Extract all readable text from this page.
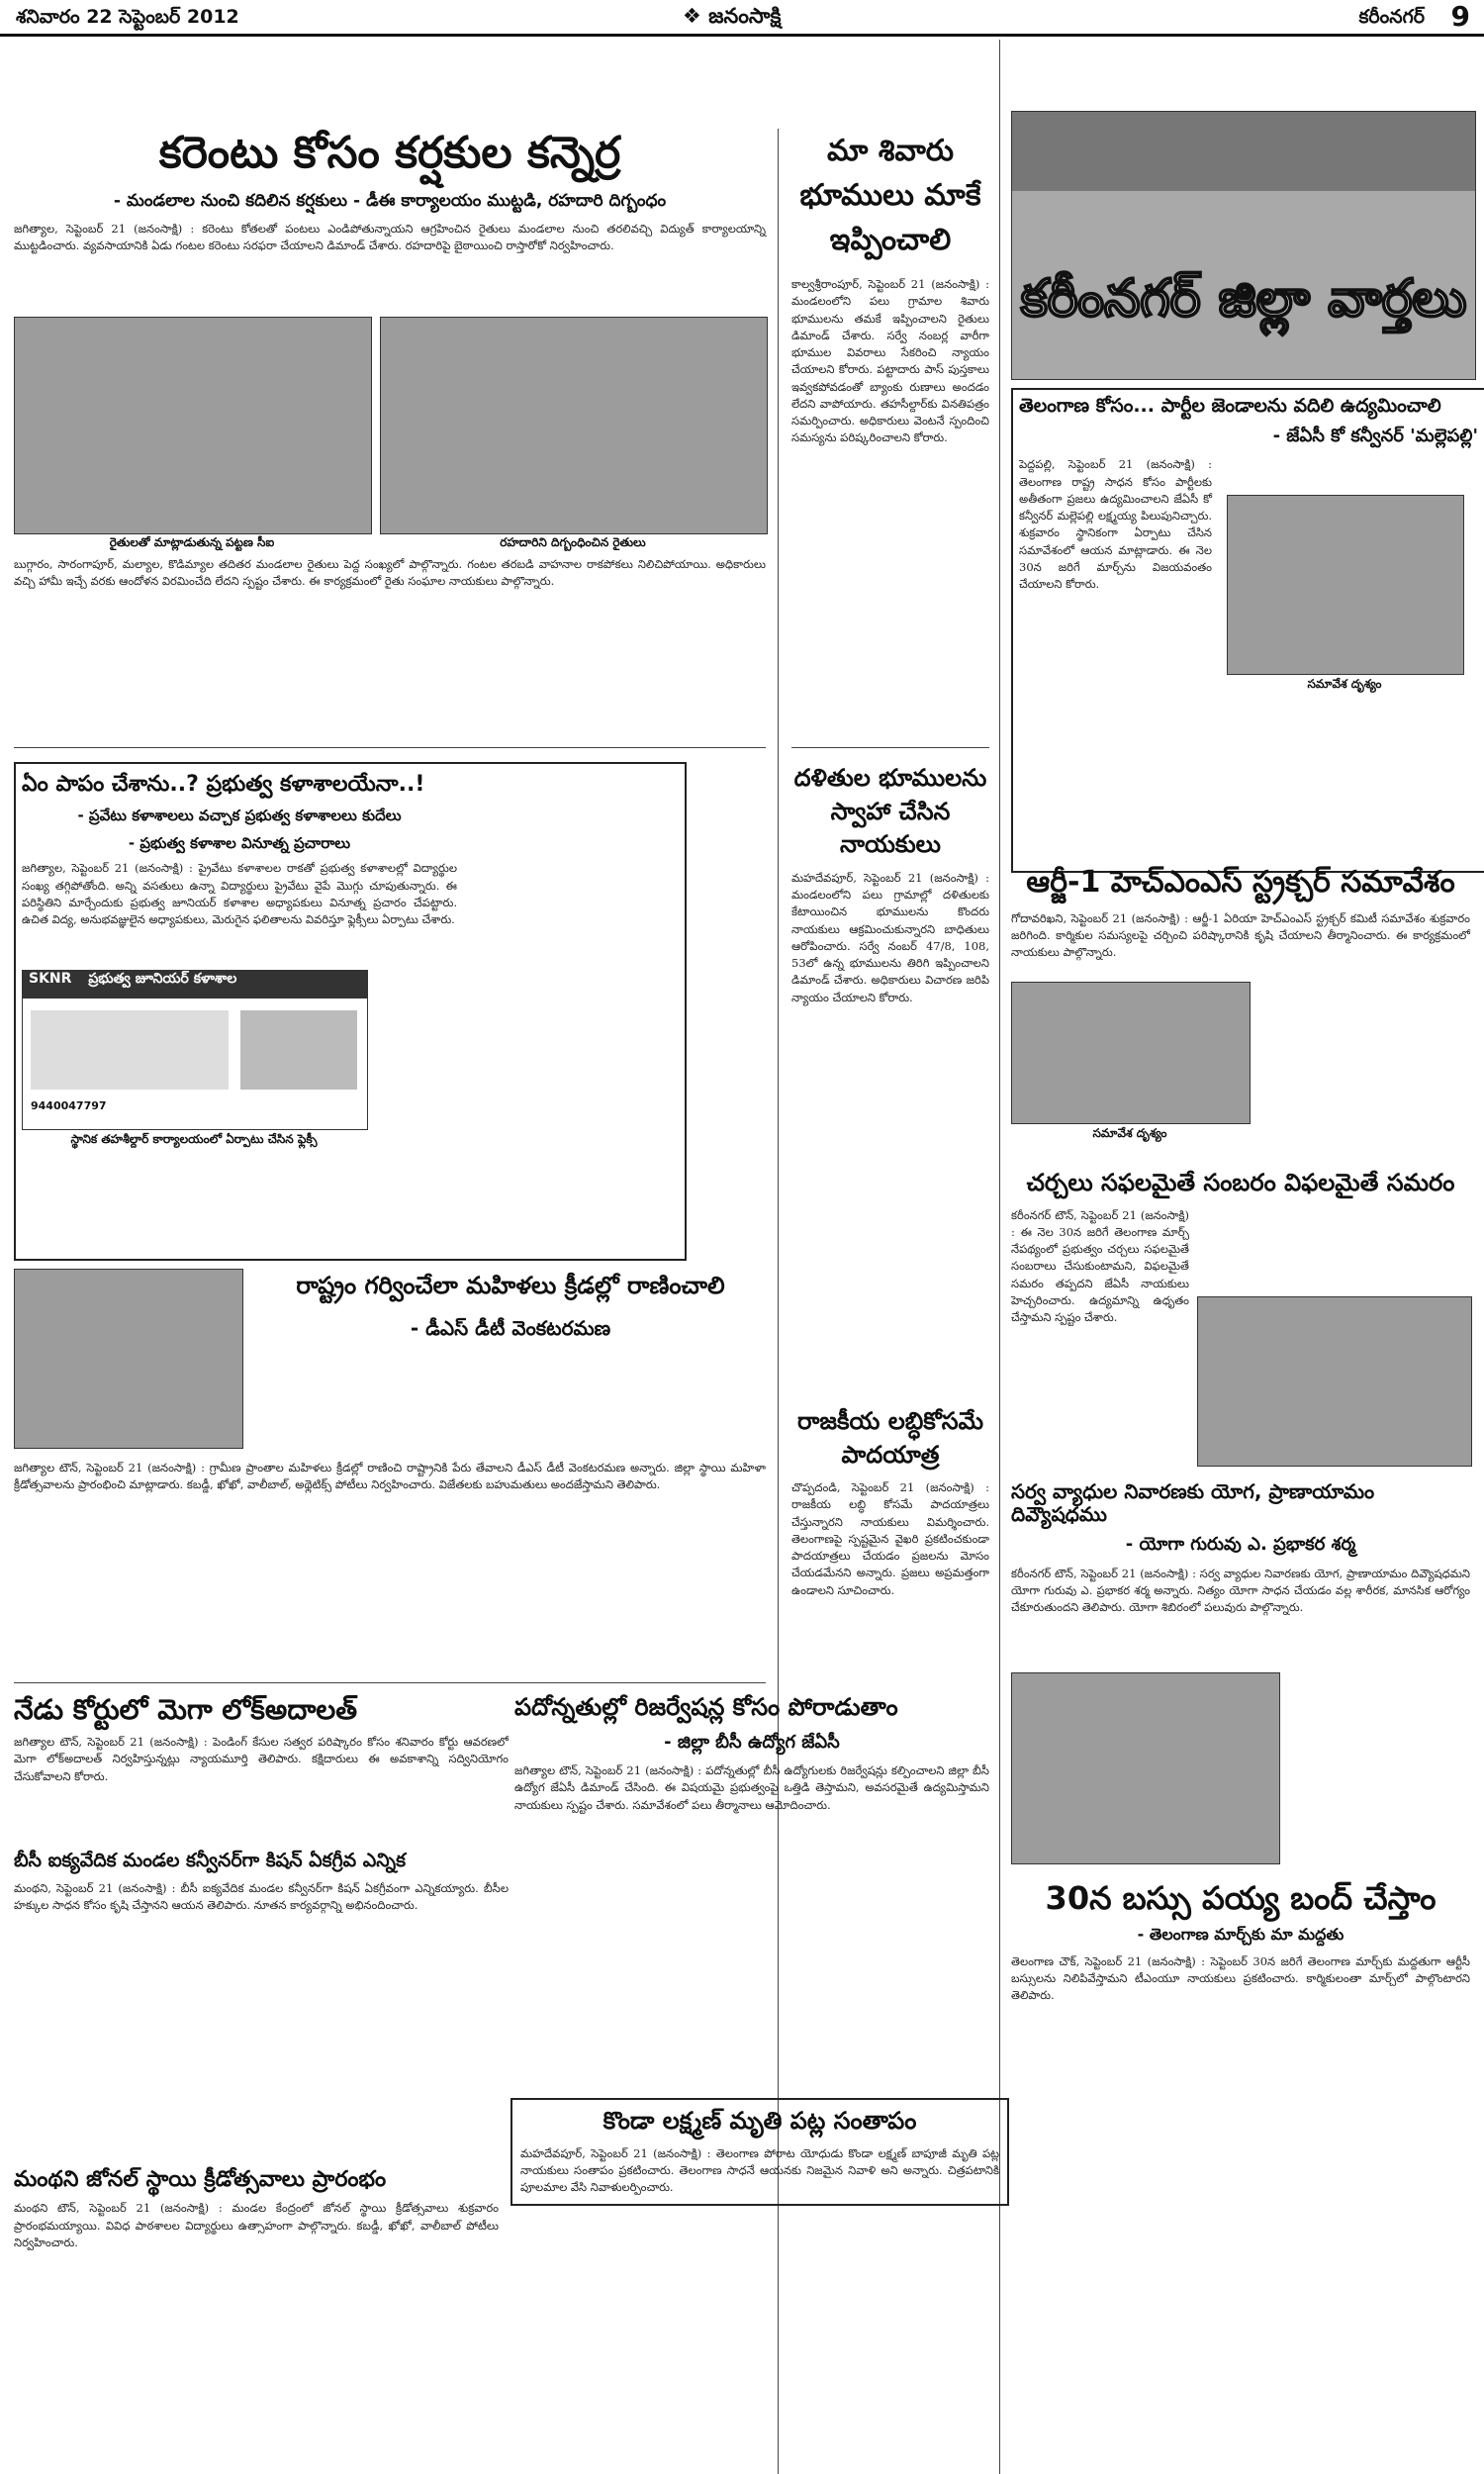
శనివారం 22 సెప్టెంబర్ 2012	❖ జనంసాక్షి	కరీంనగర్ 9
కరెంటు కోసం కర్షకుల కన్నెర్ర
- మండలాల నుంచి కదిలిన కర్షకులు - డీఈ కార్యాలయం ముట్టడి, రహదారి దిగ్బంధం
జగిత్యాల, సెప్టెంబర్ 21 (జనంసాక్షి) : కరెంటు కోతలతో పంటలు ఎండిపోతున్నాయని ఆగ్రహించిన రైతులు మండలాల నుంచి తరలివచ్చి విద్యుత్ కార్యాలయాన్ని ముట్టడించారు. వ్యవసాయానికి ఏడు గంటల కరెంటు సరఫరా చేయాలని డిమాండ్ చేశారు. రహదారిపై బైఠాయించి రాస్తారోకో నిర్వహించారు.
రైతులతో మాట్లాడుతున్న పట్టణ సీఐ	రహదారిని దిగ్బంధించిన రైతులు
బుగ్గారం, సారంగాపూర్, మల్యాల, కొడిమ్యాల తదితర మండలాల రైతులు పెద్ద సంఖ్యలో పాల్గొన్నారు. గంటల తరబడి వాహనాల రాకపోకలు నిలిచిపోయాయి. అధికారులు వచ్చి హామీ ఇచ్చే వరకు ఆందోళన విరమించేది లేదని స్పష్టం చేశారు. ఈ కార్యక్రమంలో రైతు సంఘాల నాయకులు పాల్గొన్నారు.
మా శివారు భూములు మాకే ఇప్పించాలి
కాల్వశ్రీరాంపూర్, సెప్టెంబర్ 21 (జనంసాక్షి) : మండలంలోని పలు గ్రామాల శివారు భూములను తమకే ఇప్పించాలని రైతులు డిమాండ్ చేశారు. సర్వే నంబర్ల వారీగా భూముల వివరాలు సేకరించి న్యాయం చేయాలని కోరారు. పట్టాదారు పాస్ పుస్తకాలు ఇవ్వకపోవడంతో బ్యాంకు రుణాలు అందడం లేదని వాపోయారు. తహసీల్దార్‌కు వినతిపత్రం సమర్పించారు. అధికారులు వెంటనే స్పందించి సమస్యను పరిష్కరించాలని కోరారు.
కరీంనగర్ జిల్లా వార్తలు
తెలంగాణ కోసం... పార్టీల జెండాలను వదిలి ఉద్యమించాలి
- జేఏసీ కో కన్వీనర్ 'మల్లెపల్లి'
పెద్దపల్లి, సెప్టెంబర్ 21 (జనంసాక్షి) : తెలంగాణ రాష్ట్ర సాధన కోసం పార్టీలకు అతీతంగా ప్రజలు ఉద్యమించాలని జేఏసీ కో కన్వీనర్ మల్లెపల్లి లక్ష్మయ్య పిలుపునిచ్చారు. శుక్రవారం స్థానికంగా ఏర్పాటు చేసిన సమావేశంలో ఆయన మాట్లాడారు. ఈ నెల 30న జరిగే మార్చ్‌ను విజయవంతం చేయాలని కోరారు.
సమావేశ దృశ్యం
ఆర్జీ-1 హెచ్‌ఎంఎస్ స్ట్రక్చర్ సమావేశం
గోదావరిఖని, సెప్టెంబర్ 21 (జనంసాక్షి) : ఆర్జీ-1 ఏరియా హెచ్‌ఎంఎస్ స్ట్రక్చర్ కమిటీ సమావేశం శుక్రవారం జరిగింది. కార్మికుల సమస్యలపై చర్చించి పరిష్కారానికి కృషి చేయాలని తీర్మానించారు. ఈ కార్యక్రమంలో నాయకులు పాల్గొన్నారు.
సమావేశ దృశ్యం
చర్చలు సఫలమైతే సంబరం విఫలమైతే సమరం
కరీంనగర్ టౌన్, సెప్టెంబర్ 21 (జనంసాక్షి) : ఈ నెల 30న జరిగే తెలంగాణ మార్చ్ నేపథ్యంలో ప్రభుత్వం చర్చలు సఫలమైతే సంబరాలు చేసుకుంటామని, విఫలమైతే సమరం తప్పదని జేఏసీ నాయకులు హెచ్చరించారు. ఉద్యమాన్ని ఉధృతం చేస్తామని స్పష్టం చేశారు.
ఏం పాపం చేశాను..? ప్రభుత్వ కళాశాలయేనా..!
- ప్రవేటు కళాశాలలు వచ్చాక ప్రభుత్వ కళాశాలలు కుదేలు
- ప్రభుత్వ కళాశాల వినూత్న ప్రచారాలు
జగిత్యాల, సెప్టెంబర్ 21 (జనంసాక్షి) : ప్రైవేటు కళాశాలల రాకతో ప్రభుత్వ కళాశాలల్లో విద్యార్థుల సంఖ్య తగ్గిపోతోంది. అన్ని వసతులు ఉన్నా విద్యార్థులు ప్రైవేటు వైపే మొగ్గు చూపుతున్నారు. ఈ పరిస్థితిని మార్చేందుకు ప్రభుత్వ జూనియర్ కళాశాల అధ్యాపకులు వినూత్న ప్రచారం చేపట్టారు. ఉచిత విద్య, అనుభవజ్ఞులైన అధ్యాపకులు, మెరుగైన ఫలితాలను వివరిస్తూ ఫ్లెక్సీలు ఏర్పాటు చేశారు.
SKNR ప్రభుత్వ జూనియర్ కళాశాల
9440047797
స్థానిక తహశీల్దార్ కార్యాలయంలో ఏర్పాటు చేసిన ఫ్లెక్సీ
దళితుల భూములను స్వాహా చేసిన నాయకులు
మహదేవపూర్, సెప్టెంబర్ 21 (జనంసాక్షి) : మండలంలోని పలు గ్రామాల్లో దళితులకు కేటాయించిన భూములను కొందరు నాయకులు ఆక్రమించుకున్నారని బాధితులు ఆరోపించారు. సర్వే నంబర్ 47/8, 108, 53లో ఉన్న భూములను తిరిగి ఇప్పించాలని డిమాండ్ చేశారు. అధికారులు విచారణ జరిపి న్యాయం చేయాలని కోరారు.
రాష్ట్రం గర్వించేలా మహిళలు క్రీడల్లో రాణించాలి
- డీఎస్ డీటీ వెంకటరమణ
జగిత్యాల టౌన్, సెప్టెంబర్ 21 (జనంసాక్షి) : గ్రామీణ ప్రాంతాల మహిళలు క్రీడల్లో రాణించి రాష్ట్రానికి పేరు తేవాలని డీఎస్ డీటీ వెంకటరమణ అన్నారు. జిల్లా స్థాయి మహిళా క్రీడోత్సవాలను ప్రారంభించి మాట్లాడారు. కబడ్డీ, ఖోఖో, వాలీబాల్, అథ్లెటిక్స్ పోటీలు నిర్వహించారు. విజేతలకు బహుమతులు అందజేస్తామని తెలిపారు.
రాజకీయ లబ్ధికోసమే పాదయాత్ర
చొప్పదండి, సెప్టెంబర్ 21 (జనంసాక్షి) : రాజకీయ లబ్ధి కోసమే పాదయాత్రలు చేస్తున్నారని నాయకులు విమర్శించారు. తెలంగాణపై స్పష్టమైన వైఖరి ప్రకటించకుండా పాదయాత్రలు చేయడం ప్రజలను మోసం చేయడమేనని అన్నారు. ప్రజలు అప్రమత్తంగా ఉండాలని సూచించారు.
సర్వ వ్యాధుల నివారణకు యోగ, ప్రాణాయామం దివ్యౌషధము
- యోగా గురువు ఎ. ప్రభాకర శర్మ
కరీంనగర్ టౌన్, సెప్టెంబర్ 21 (జనంసాక్షి) : సర్వ వ్యాధుల నివారణకు యోగ, ప్రాణాయామం దివ్యౌషధమని యోగా గురువు ఎ. ప్రభాకర శర్మ అన్నారు. నిత్యం యోగా సాధన చేయడం వల్ల శారీరక, మానసిక ఆరోగ్యం చేకూరుతుందని తెలిపారు. యోగా శిబిరంలో పలువురు పాల్గొన్నారు.
నేడు కోర్టులో మెగా లోక్‌అదాలత్
జగిత్యాల టౌన్, సెప్టెంబర్ 21 (జనంసాక్షి) : పెండింగ్ కేసుల సత్వర పరిష్కారం కోసం శనివారం కోర్టు ఆవరణలో మెగా లోక్‌అదాలత్ నిర్వహిస్తున్నట్లు న్యాయమూర్తి తెలిపారు. కక్షిదారులు ఈ అవకాశాన్ని సద్వినియోగం చేసుకోవాలని కోరారు.
పదోన్నతుల్లో రిజర్వేషన్ల కోసం పోరాడుతాం
- జిల్లా బీసీ ఉద్యోగ జేఏసీ
జగిత్యాల టౌన్, సెప్టెంబర్ 21 (జనంసాక్షి) : పదోన్నతుల్లో బీసీ ఉద్యోగులకు రిజర్వేషన్లు కల్పించాలని జిల్లా బీసీ ఉద్యోగ జేఏసీ డిమాండ్ చేసింది. ఈ విషయమై ప్రభుత్వంపై ఒత్తిడి తెస్తామని, అవసరమైతే ఉద్యమిస్తామని నాయకులు స్పష్టం చేశారు. సమావేశంలో పలు తీర్మానాలు ఆమోదించారు.
బీసీ ఐక్యవేదిక మండల కన్వీనర్‌గా కిషన్ ఏకగ్రీవ ఎన్నిక
మంథని, సెప్టెంబర్ 21 (జనంసాక్షి) : బీసీ ఐక్యవేదిక మండల కన్వీనర్‌గా కిషన్ ఏకగ్రీవంగా ఎన్నికయ్యారు. బీసీల హక్కుల సాధన కోసం కృషి చేస్తానని ఆయన తెలిపారు. నూతన కార్యవర్గాన్ని అభినందించారు.	30న బస్సు పయ్య బంద్ చేస్తాం
- తెలంగాణ మార్చ్‌కు మా మద్దతు
తెలంగాణ చౌక్, సెప్టెంబర్ 21 (జనంసాక్షి) : సెప్టెంబర్ 30న జరిగే తెలంగాణ మార్చ్‌కు మద్దతుగా ఆర్టీసీ బస్సులను నిలిపివేస్తామని టీఎంయూ నాయకులు ప్రకటించారు. కార్మికులంతా మార్చ్‌లో పాల్గొంటారని తెలిపారు.
మంథని జోనల్ స్థాయి క్రీడోత్సవాలు ప్రారంభం
మంథని టౌన్, సెప్టెంబర్ 21 (జనంసాక్షి) : మండల కేంద్రంలో జోనల్ స్థాయి క్రీడోత్సవాలు శుక్రవారం ప్రారంభమయ్యాయి. వివిధ పాఠశాలల విద్యార్థులు ఉత్సాహంగా పాల్గొన్నారు. కబడ్డీ, ఖోఖో, వాలీబాల్ పోటీలు నిర్వహించారు.
కొండా లక్ష్మణ్ మృతి పట్ల సంతాపం
మహదేవపూర్, సెప్టెంబర్ 21 (జనంసాక్షి) : తెలంగాణ పోరాట యోధుడు కొండా లక్ష్మణ్ బాపూజీ మృతి పట్ల నాయకులు సంతాపం ప్రకటించారు. తెలంగాణ సాధనే ఆయనకు నిజమైన నివాళి అని అన్నారు. చిత్రపటానికి పూలమాల వేసి నివాళులర్పించారు.
